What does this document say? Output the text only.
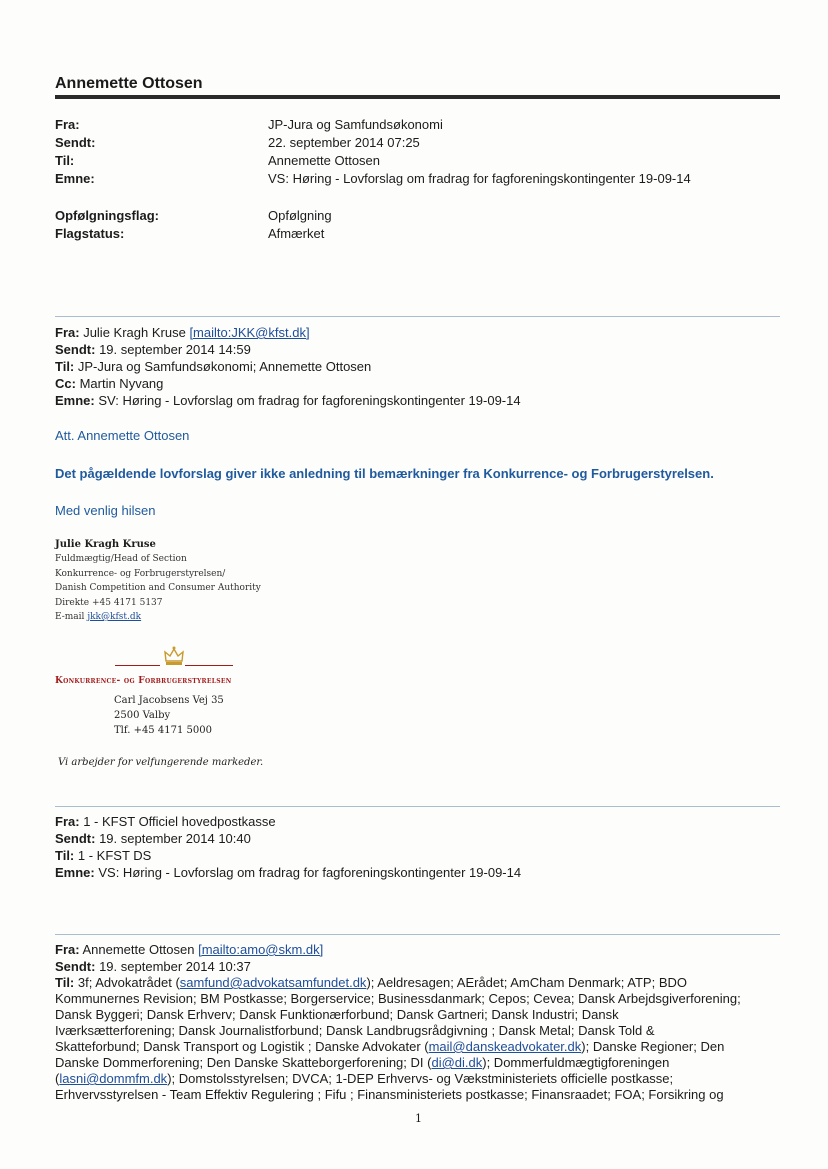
Annemette Ottosen
Fra:	JP-Jura og Samfundsøkonomi
Sendt:	22. september 2014 07:25
Til:	Annemette Ottosen
Emne:	VS: Høring - Lovforslag om fradrag for fagforeningskontingenter 19-09-14
Opfølgningsflag:	Opfølgning
Flagstatus:	Afmærket
Fra: Julie Kragh Kruse [mailto:JKK@kfst.dk]
Sendt: 19. september 2014 14:59
Til: JP-Jura og Samfundsøkonomi; Annemette Ottosen
Cc: Martin Nyvang
Emne: SV: Høring - Lovforslag om fradrag for fagforeningskontingenter 19-09-14
Att. Annemette Ottosen
Det pågældende lovforslag giver ikke anledning til bemærkninger fra Konkurrence- og Forbrugerstyrelsen.
Med venlig hilsen
Julie Kragh Kruse
Fuldmægtig/Head of Section
Konkurrence- og Forbrugerstyrelsen/
Danish Competition and Consumer Authority
Direkte +45 4171 5137
E-mail jkk@kfst.dk
Konkurrence- og Forbrugerstyrelsen
Carl Jacobsens Vej 35
2500 Valby
Tlf. +45 4171 5000
Vi arbejder for velfungerende markeder.
Fra: 1 - KFST Officiel hovedpostkasse
Sendt: 19. september 2014 10:40
Til: 1 - KFST DS
Emne: VS: Høring - Lovforslag om fradrag for fagforeningskontingenter 19-09-14
Fra: Annemette Ottosen [mailto:amo@skm.dk]
Sendt: 19. september 2014 10:37
Til: 3f; Advokatrådet (samfund@advokatsamfundet.dk); Aeldresagen; AErådet; AmCham Denmark; ATP; BDO
Kommunernes Revision; BM Postkasse; Borgerservice; Businessdanmark; Cepos; Cevea; Dansk Arbejdsgiverforening;
Dansk Byggeri; Dansk Erhverv; Dansk Funktionærforbund; Dansk Gartneri; Dansk Industri; Dansk
Iværksætterforening; Dansk Journalistforbund; Dansk Landbrugsrådgivning ; Dansk Metal; Dansk Told &
Skatteforbund; Dansk Transport og Logistik ; Danske Advokater (mail@danskeadvokater.dk); Danske Regioner; Den
Danske Dommerforening; Den Danske Skatteborgerforening; DI (di@di.dk); Dommerfuldmægtigforeningen
(lasni@dommfm.dk); Domstolsstyrelsen; DVCA; 1-DEP Erhvervs- og Vækstministeriets officielle postkasse;
Erhvervsstyrelsen - Team Effektiv Regulering ; Fifu ; Finansministeriets postkasse; Finansraadet; FOA; Forsikring og
1
